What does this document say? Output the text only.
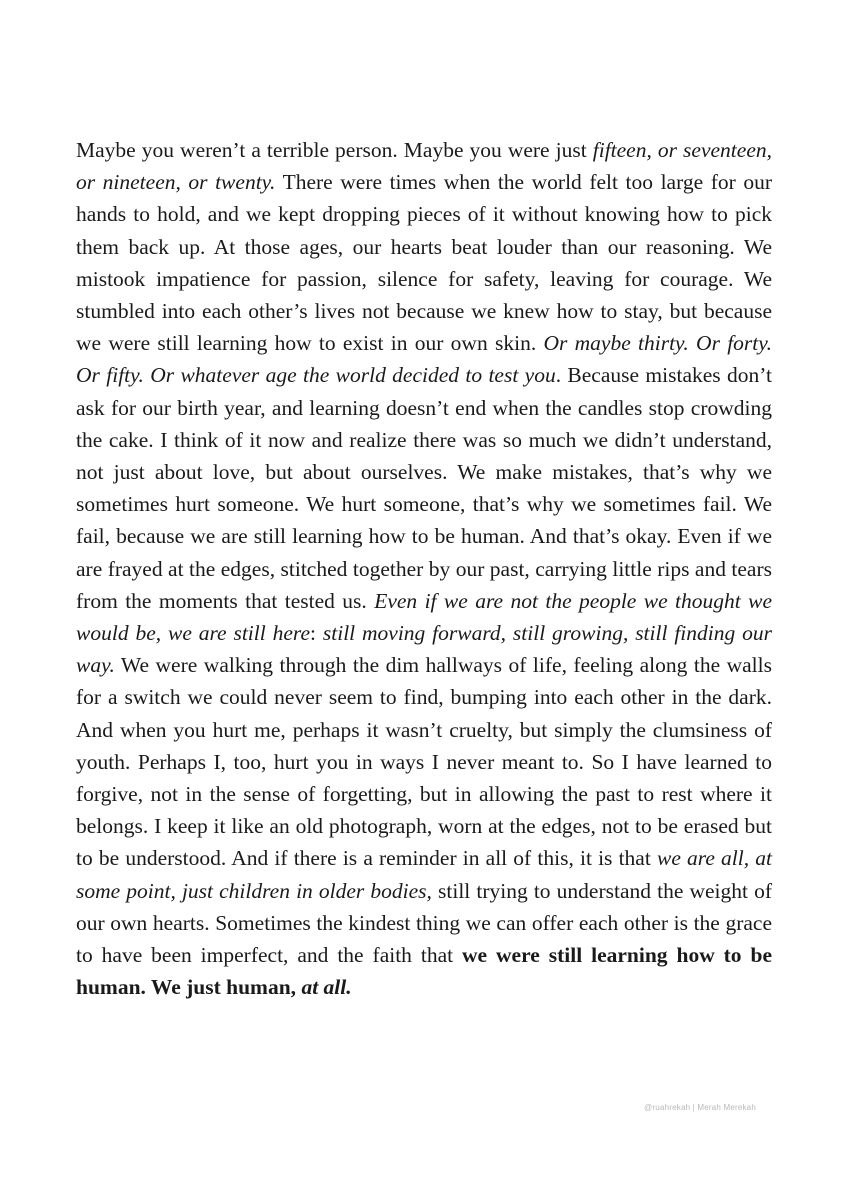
Maybe you weren’t a terrible person. Maybe you were just fifteen, or seventeen, or nineteen, or twenty. There were times when the world felt too large for our hands to hold, and we kept dropping pieces of it without knowing how to pick them back up. At those ages, our hearts beat louder than our reasoning. We mistook impatience for passion, silence for safety, leaving for courage. We stumbled into each other’s lives not because we knew how to stay, but because we were still learning how to exist in our own skin. Or maybe thirty. Or forty. Or fifty. Or whatever age the world decided to test you. Because mistakes don’t ask for our birth year, and learning doesn’t end when the candles stop crowding the cake. I think of it now and realize there was so much we didn’t understand, not just about love, but about ourselves. We make mistakes, that’s why we sometimes hurt someone. We hurt someone, that’s why we sometimes fail. We fail, because we are still learning how to be human. And that’s okay. Even if we are frayed at the edges, stitched together by our past, carrying little rips and tears from the moments that tested us. Even if we are not the people we thought we would be, we are still here: still moving forward, still growing, still finding our way. We were walking through the dim hallways of life, feeling along the walls for a switch we could never seem to find, bumping into each other in the dark. And when you hurt me, perhaps it wasn’t cruelty, but simply the clumsiness of youth. Perhaps I, too, hurt you in ways I never meant to. So I have learned to forgive, not in the sense of forgetting, but in allowing the past to rest where it belongs. I keep it like an old photograph, worn at the edges, not to be erased but to be understood. And if there is a reminder in all of this, it is that we are all, at some point, just children in older bodies, still trying to understand the weight of our own hearts. Sometimes the kindest thing we can offer each other is the grace to have been imperfect, and the faith that we were still learning how to be human. We just human, at all.

@ruahrekah | Merah Merekah
